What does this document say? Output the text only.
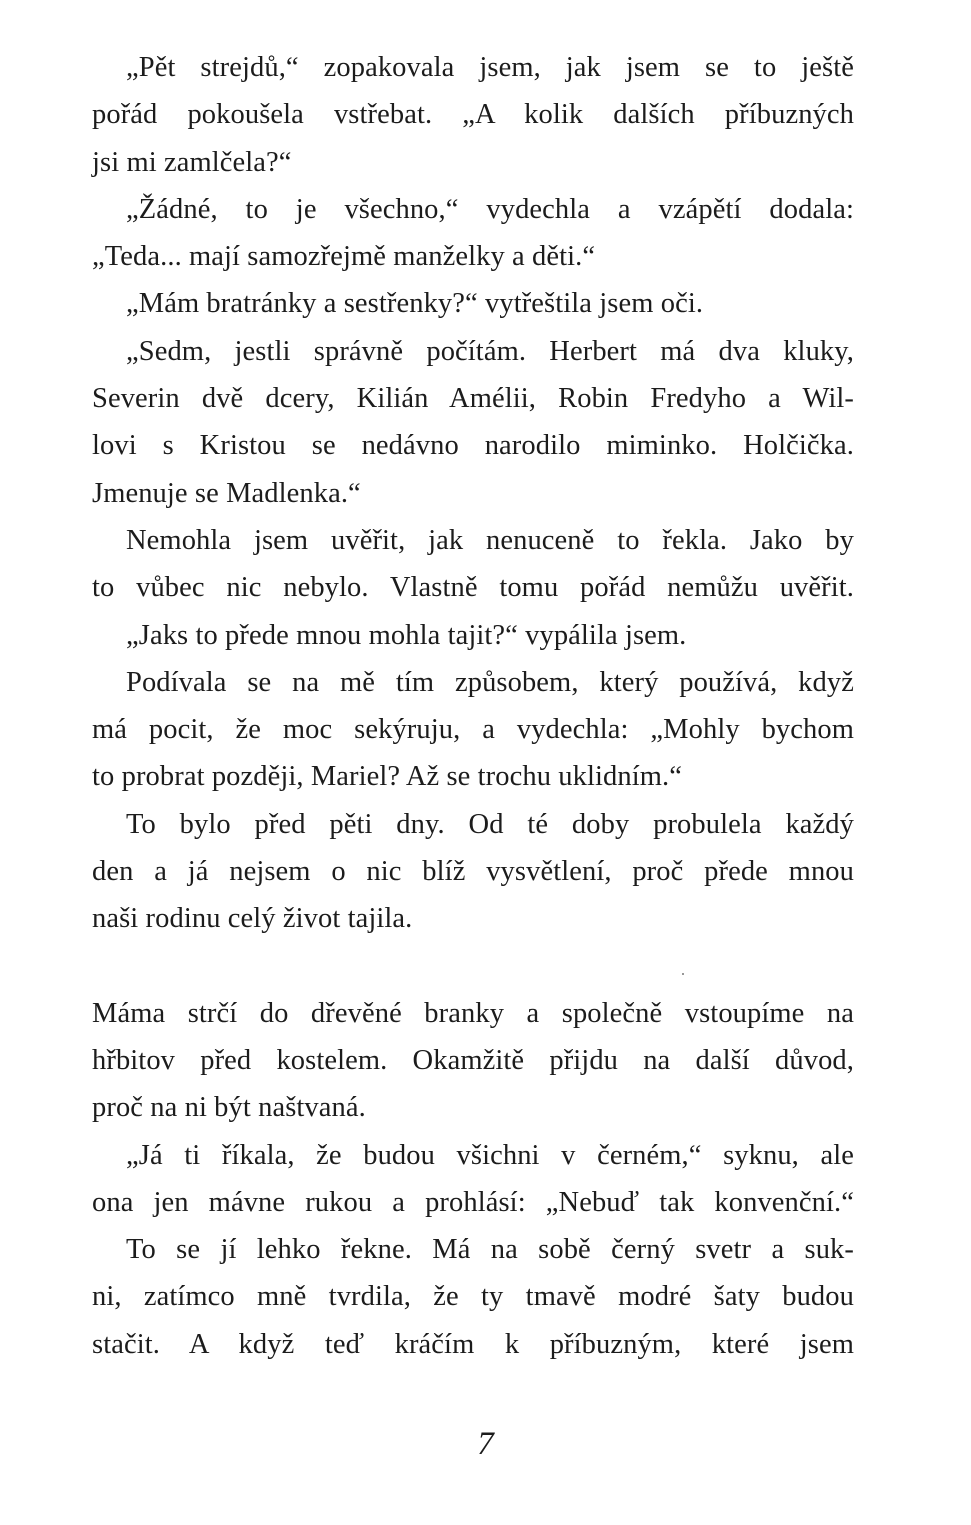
„Pět strejdů,“ zopakovala jsem, jak jsem se to ještě
pořád pokoušela vstřebat. „A kolik dalších příbuzných
jsi mi zamlčela?“
„Žádné, to je všechno,“ vydechla a vzápětí dodala:
„Teda... mají samozřejmě manželky a děti.“
„Mám bratránky a sestřenky?“ vytřeštila jsem oči.
„Sedm, jestli správně počítám. Herbert má dva kluky,
Severin dvě dcery, Kilián Amélii, Robin Fredyho a Wil-
lovi s Kristou se nedávno narodilo miminko. Holčička.
Jmenuje se Madlenka.“
Nemohla jsem uvěřit, jak nenuceně to řekla. Jako by
to vůbec nic nebylo. Vlastně tomu pořád nemůžu uvěřit.
„Jaks to přede mnou mohla tajit?“ vypálila jsem.
Podívala se na mě tím způsobem, který používá, když
má pocit, že moc sekýruju, a vydechla: „Mohly bychom
to probrat později, Mariel? Až se trochu uklidním.“
To bylo před pěti dny. Od té doby probulela každý
den a já nejsem o nic blíž vysvětlení, proč přede mnou
naši rodinu celý život tajila.
Máma strčí do dřevěné branky a společně vstoupíme na
hřbitov před kostelem. Okamžitě přijdu na další důvod,
proč na ni být naštvaná.
„Já ti říkala, že budou všichni v černém,“ syknu, ale
ona jen mávne rukou a prohlásí: „Nebuď tak konvenční.“
To se jí lehko řekne. Má na sobě černý svetr a suk-
ni, zatímco mně tvrdila, že ty tmavě modré šaty budou
stačit. A když teď kráčím k příbuzným, které jsem
7
